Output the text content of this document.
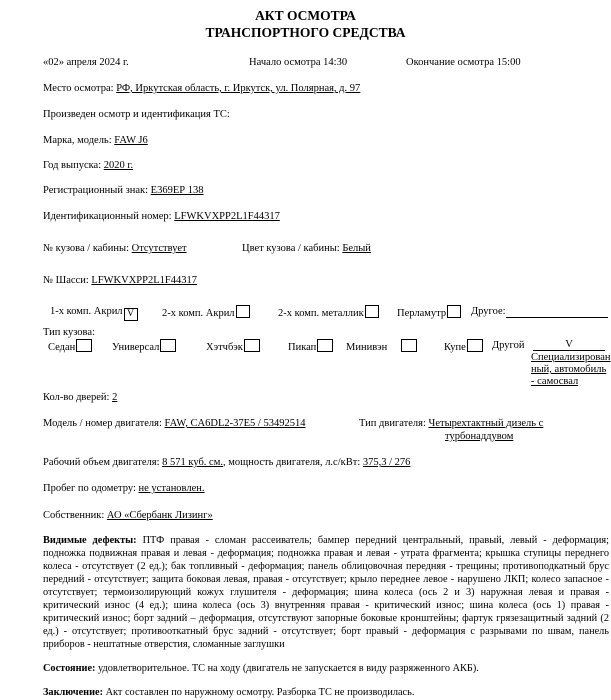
АКТ ОСМОТРА
ТРАНСПОРТНОГО СРЕДСТВА
«02» апреля 2024 г.	Начало осмотра 14:30	Окончание осмотра 15:00
Место осмотра: РФ, Иркутская область, г. Иркутск, ул. Полярная, д. 97
Произведен осмотр и идентификация ТС:
Марка, модель: FAW J6
Год выпуска: 2020 г.
Регистрационный знак: Е369ЕР 138
Идентификационный номер: LFWKVXPP2L1F44317
№ кузова / кабины: Отсутствует	Цвет кузова / кабины: Белый
№ Шасси: LFWKVXPP2L1F44317
1-х комп. Акрил V	2-х комп. Акрил	2-х комп. металлик	Перламутр	Другое:
Тип кузова:
Седан	Универсал	Хэтчбэк	Пикап	Минивэн	Купе	Другой	V
Специализирован
ный, автомобиль
- самосвал
Кол-во дверей: 2
Модель / номер двигателя: FAW, CA6DL2-37E5 / 53492514	Тип двигателя: Четырехтактный дизель с
турбонаддувом
Рабочий объем двигателя: 8 571 куб. см., мощность двигателя, л.с/кВт: 375,3 / 276
Пробег по одометру: не установлен.
Собственник: АО «Сбербанк Лизинг»
Видимые дефекты: ПТФ правая - сломан рассеиватель; бампер передний центральный, правый, левый - деформация; подножка подвижная правая и левая - деформация; подножка правая и левая - утрата фрагмента; крышка ступицы переднего колеса - отсутствует (2 ед.); бак топливный - деформация; панель облицовочная передняя - трещины; противоподкатный брус передний - отсутствует; защита боковая левая, правая - отсутствует; крыло переднее левое - нарушено ЛКП; колесо запасное - отсутствует; термоизолирующий кожух глушителя - деформация; шина колеса (ось 2 и 3) наружная левая и правая - критический износ (4 ед.); шина колеса (ось 3) внутренняя правая - критический износ; шина колеса (ось 1) правая - критический износ; борт задний – деформация, отсутствуют запорные боковые кронштейны; фартук грязезащитный задний (2 ед.) - отсутствует; противооткатный брус задний - отсутствует; борт правый - деформация с разрывами по швам, панель приборов - нештатные отверстия, сломанные заглушки
Состояние: удовлетворительное. ТС на ходу (двигатель не запускается в виду разряженного АКБ).
Заключение: Акт составлен по наружному осмотру. Разборка ТС не производилась.
